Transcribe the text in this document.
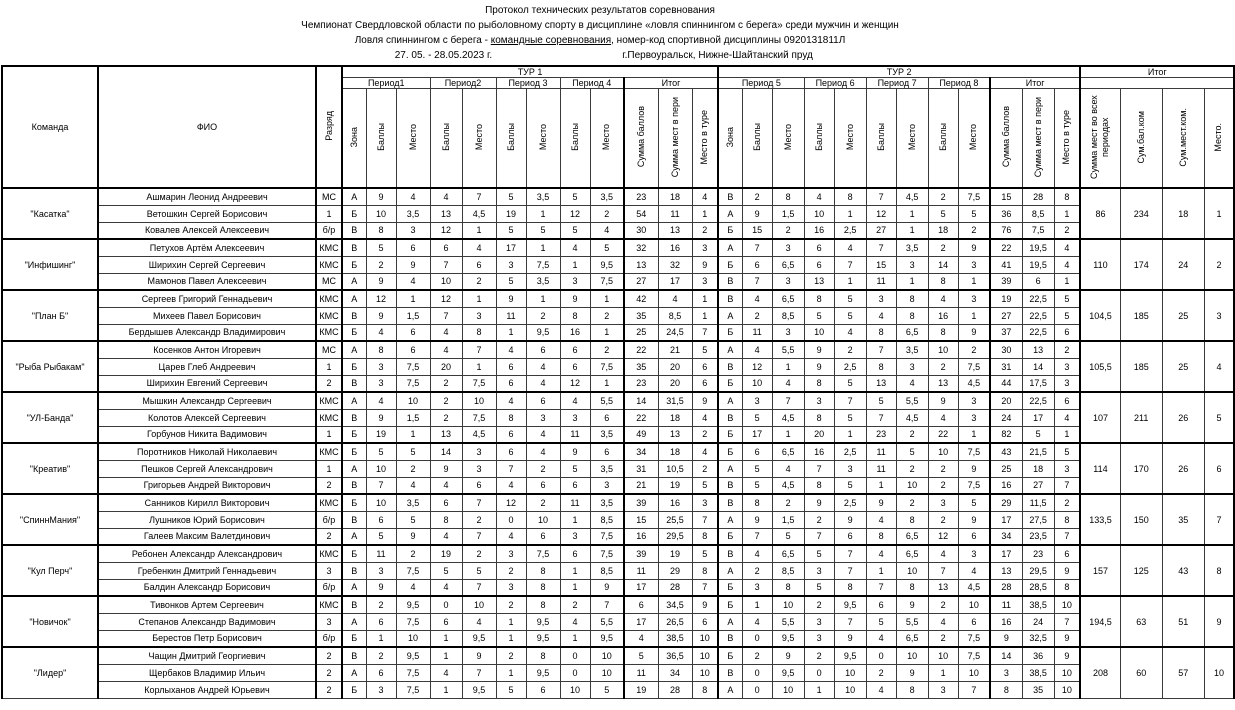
Протокол технических результатов соревнования
Чемпионат Свердловской области по рыболовному спорту в дисциплине «ловля спиннингом с берега» среди мужчин и женщин
Ловля спиннингом с берега - командные соревнования, номер-код спортивной дисциплины 0920131811Л
27. 05. - 28.05.2023 г.	г.Первоуральск, Нижне-Шайтанский пруд
Команда	ФИО	Разряд	ТУР 1												ТУР 2												Итог			
			Период1			Период2		Период 3		Период 4		Итог			Период 5			Период 6		Период 7		Период 8		Итог						
			Зона	Баллы	Место	Баллы	Место	Баллы	Место	Баллы	Место	Сумма баллов	Сумма мест в пери	Место в туре	Зона	Баллы	Место	Баллы	Место	Баллы	Место	Баллы	Место	Сумма баллов	Сумма мест в пери	Место в туре	Сумма мест во всех периодах	Сум.бал.ком	Сум.мест.ком.	Место.
"Касатка"	Ашмарин Леонид Андреевич	МС	А	9	4	4	7	5	3,5	5	3,5	23	18	4	В	2	8	4	8	7	4,5	2	7,5	15	28	8	86	234	18	1
	Ветошкин Сергей Борисович	1	Б	10	3,5	13	4,5	19	1	12	2	54	11	1	А	9	1,5	10	1	12	1	5	5	36	8,5	1				
	Ковалев Алексей Алексеевич	б/р	В	8	3	12	1	5	5	5	4	30	13	2	Б	15	2	16	2,5	27	1	18	2	76	7,5	2				
"Инфишинг"	Петухов Артём Алексеевич	КМС	В	5	6	6	4	17	1	4	5	32	16	3	А	7	3	6	4	7	3,5	2	9	22	19,5	4	110	174	24	2
	Ширихин Сергей Сергеевич	КМС	Б	2	9	7	6	3	7,5	1	9,5	13	32	9	Б	6	6,5	6	7	15	3	14	3	41	19,5	4				
	Мамонов Павел Алексеевич	МС	А	9	4	10	2	5	3,5	3	7,5	27	17	3	В	7	3	13	1	11	1	8	1	39	6	1				
"План Б"	Сергеев Григорий Геннадьевич	КМС	А	12	1	12	1	9	1	9	1	42	4	1	В	4	6,5	8	5	3	8	4	3	19	22,5	5	104,5	185	25	3
	Михеев Павел Борисович	КМС	В	9	1,5	7	3	11	2	8	2	35	8,5	1	А	2	8,5	5	5	4	8	16	1	27	22,5	5				
	Бердышев Александр Владимирович	КМС	Б	4	6	4	8	1	9,5	16	1	25	24,5	7	Б	11	3	10	4	8	6,5	8	9	37	22,5	6				
"Рыба Рыбакам"	Косенков Антон Игоревич	МС	А	8	6	4	7	4	6	6	2	22	21	5	А	4	5,5	9	2	7	3,5	10	2	30	13	2	105,5	185	25	4
	Царев Глеб Андреевич	1	Б	3	7,5	20	1	6	4	6	7,5	35	20	6	В	12	1	9	2,5	8	3	2	7,5	31	14	3				
	Ширихин Евгений Сергеевич	2	В	3	7,5	2	7,5	6	4	12	1	23	20	6	Б	10	4	8	5	13	4	13	4,5	44	17,5	3				
"УЛ-Банда"	Мышкин Александр Сергеевич	КМС	А	4	10	2	10	4	6	4	5,5	14	31,5	9	А	3	7	3	7	5	5,5	9	3	20	22,5	6	107	211	26	5
	Колотов Алексей Сергеевич	КМС	В	9	1,5	2	7,5	8	3	3	6	22	18	4	В	5	4,5	8	5	7	4,5	4	3	24	17	4				
	Горбунов Никита Вадимович	1	Б	19	1	13	4,5	6	4	11	3,5	49	13	2	Б	17	1	20	1	23	2	22	1	82	5	1				
"Креатив"	Поротников Николай Николаевич	КМС	Б	5	5	14	3	6	4	9	6	34	18	4	Б	6	6,5	16	2,5	11	5	10	7,5	43	21,5	5	114	170	26	6
	Пешков Сергей Александрович	1	А	10	2	9	3	7	2	5	3,5	31	10,5	2	А	5	4	7	3	11	2	2	9	25	18	3				
	Григорьев Андрей Викторович	2	В	7	4	4	6	4	6	6	3	21	19	5	В	5	4,5	8	5	1	10	2	7,5	16	27	7				
"СпиннМания"	Санников Кирилл Викторович	КМС	Б	10	3,5	6	7	12	2	11	3,5	39	16	3	В	8	2	9	2,5	9	2	3	5	29	11,5	2	133,5	150	35	7
	Лушников Юрий Борисович	б/р	В	6	5	8	2	0	10	1	8,5	15	25,5	7	А	9	1,5	2	9	4	8	2	9	17	27,5	8				
	Галеев Максим Валетдинович	2	А	5	9	4	7	4	6	3	7,5	16	29,5	8	Б	7	5	7	6	8	6,5	12	6	34	23,5	7				
"Кул Перч"	Ребонен Александр Александрович	КМС	Б	11	2	19	2	3	7,5	6	7,5	39	19	5	В	4	6,5	5	7	4	6,5	4	3	17	23	6	157	125	43	8
	Гребенкин Дмитрий Геннадьевич	3	В	3	7,5	5	5	2	8	1	8,5	11	29	8	А	2	8,5	3	7	1	10	7	4	13	29,5	9				
	Балдин Александр Борисович	б/р	А	9	4	4	7	3	8	1	9	17	28	7	Б	3	8	5	8	7	8	13	4,5	28	28,5	8				
"Новичок"	Тивонков Артем Сергеевич	КМС	В	2	9,5	0	10	2	8	2	7	6	34,5	9	Б	1	10	2	9,5	6	9	2	10	11	38,5	10	194,5	63	51	9
	Степанов Александр Вадимович	3	А	6	7,5	6	4	1	9,5	4	5,5	17	26,5	6	А	4	5,5	3	7	5	5,5	4	6	16	24	7				
	Берестов Петр Борисович	б/р	Б	1	10	1	9,5	1	9,5	1	9,5	4	38,5	10	В	0	9,5	3	9	4	6,5	2	7,5	9	32,5	9				
"Лидер"	Чащин Дмитрий Георгиевич	2	В	2	9,5	1	9	2	8	0	10	5	36,5	10	Б	2	9	2	9,5	0	10	10	7,5	14	36	9	208	60	57	10
	Щербаков Владимир Ильич	2	А	6	7,5	4	7	1	9,5	0	10	11	34	10	В	0	9,5	0	10	2	9	1	10	3	38,5	10				
	Корлыханов Андрей Юрьевич	2	Б	3	7,5	1	9,5	5	6	10	5	19	28	8	А	0	10	1	10	4	8	3	7	8	35	10				
